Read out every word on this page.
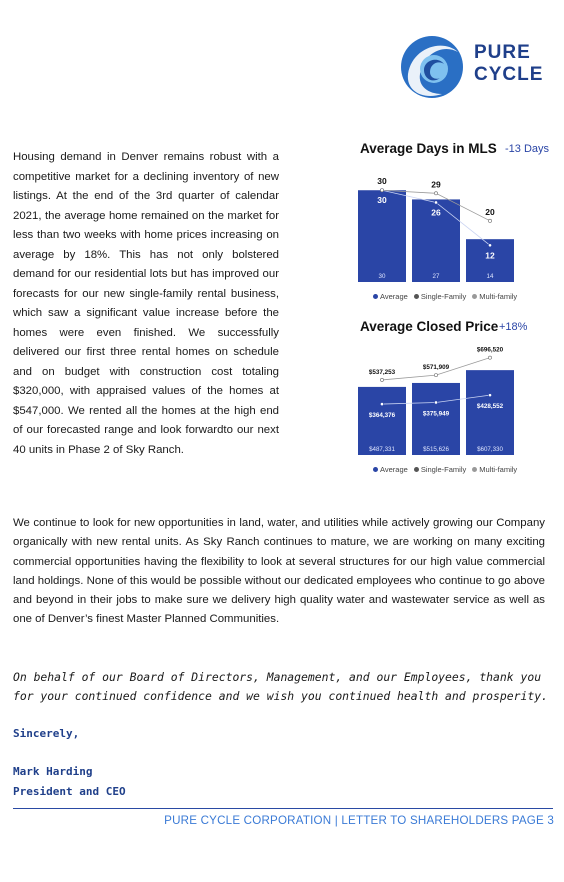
PURE
CYCLE
Housing demand in Denver remains robust with a competitive market for a declining inventory of new listings. At the end of the 3rd quarter of calendar 2021, the average home remained on the market for less than two weeks with home prices increasing on average by 18%. This has not only bolstered demand for our residential lots but has improved our forecasts for our new single-family rental business, which saw a significant value increase before the homes were even finished. We successfully delivered our first three rental homes on schedule and on budget with construction cost totaling $320,000, with appraised values of the homes at $547,000. We rented all the homes at the high end of our forecasted range and look forwardto our next 40 units in Phase 2 of Sky Ranch.
Average Days in MLS -13 Days
30	27	14
30
26
12
30	29
20
Average	Single-Family	Multi-family
Average Closed Price +18%
$487,331	$515,626	$607,330
$364,376	$375,949
$428,552
$537,253
$571,909
$696,520
Average	Single-Family	Multi-family
We continue to look for new opportunities in land, water, and utilities while actively growing our Company organically with new rental units. As Sky Ranch continues to mature, we are working on many exciting commercial opportunities having the flexibility to look at several structures for our high value commercial land holdings. None of this would be possible without our dedicated employees who continue to go above and beyond in their jobs to make sure we delivery high quality water and wastewater service as well as one of Denver’s finest Master Planned Communities.
On behalf of our Board of Directors, Management, and our Employees, thank you for your continued confidence and we wish you continued health and prosperity.
Sincerely,
Mark Harding
President and CEO
PURE CYCLE CORPORATION | LETTER TO SHAREHOLDERS PAGE 3
